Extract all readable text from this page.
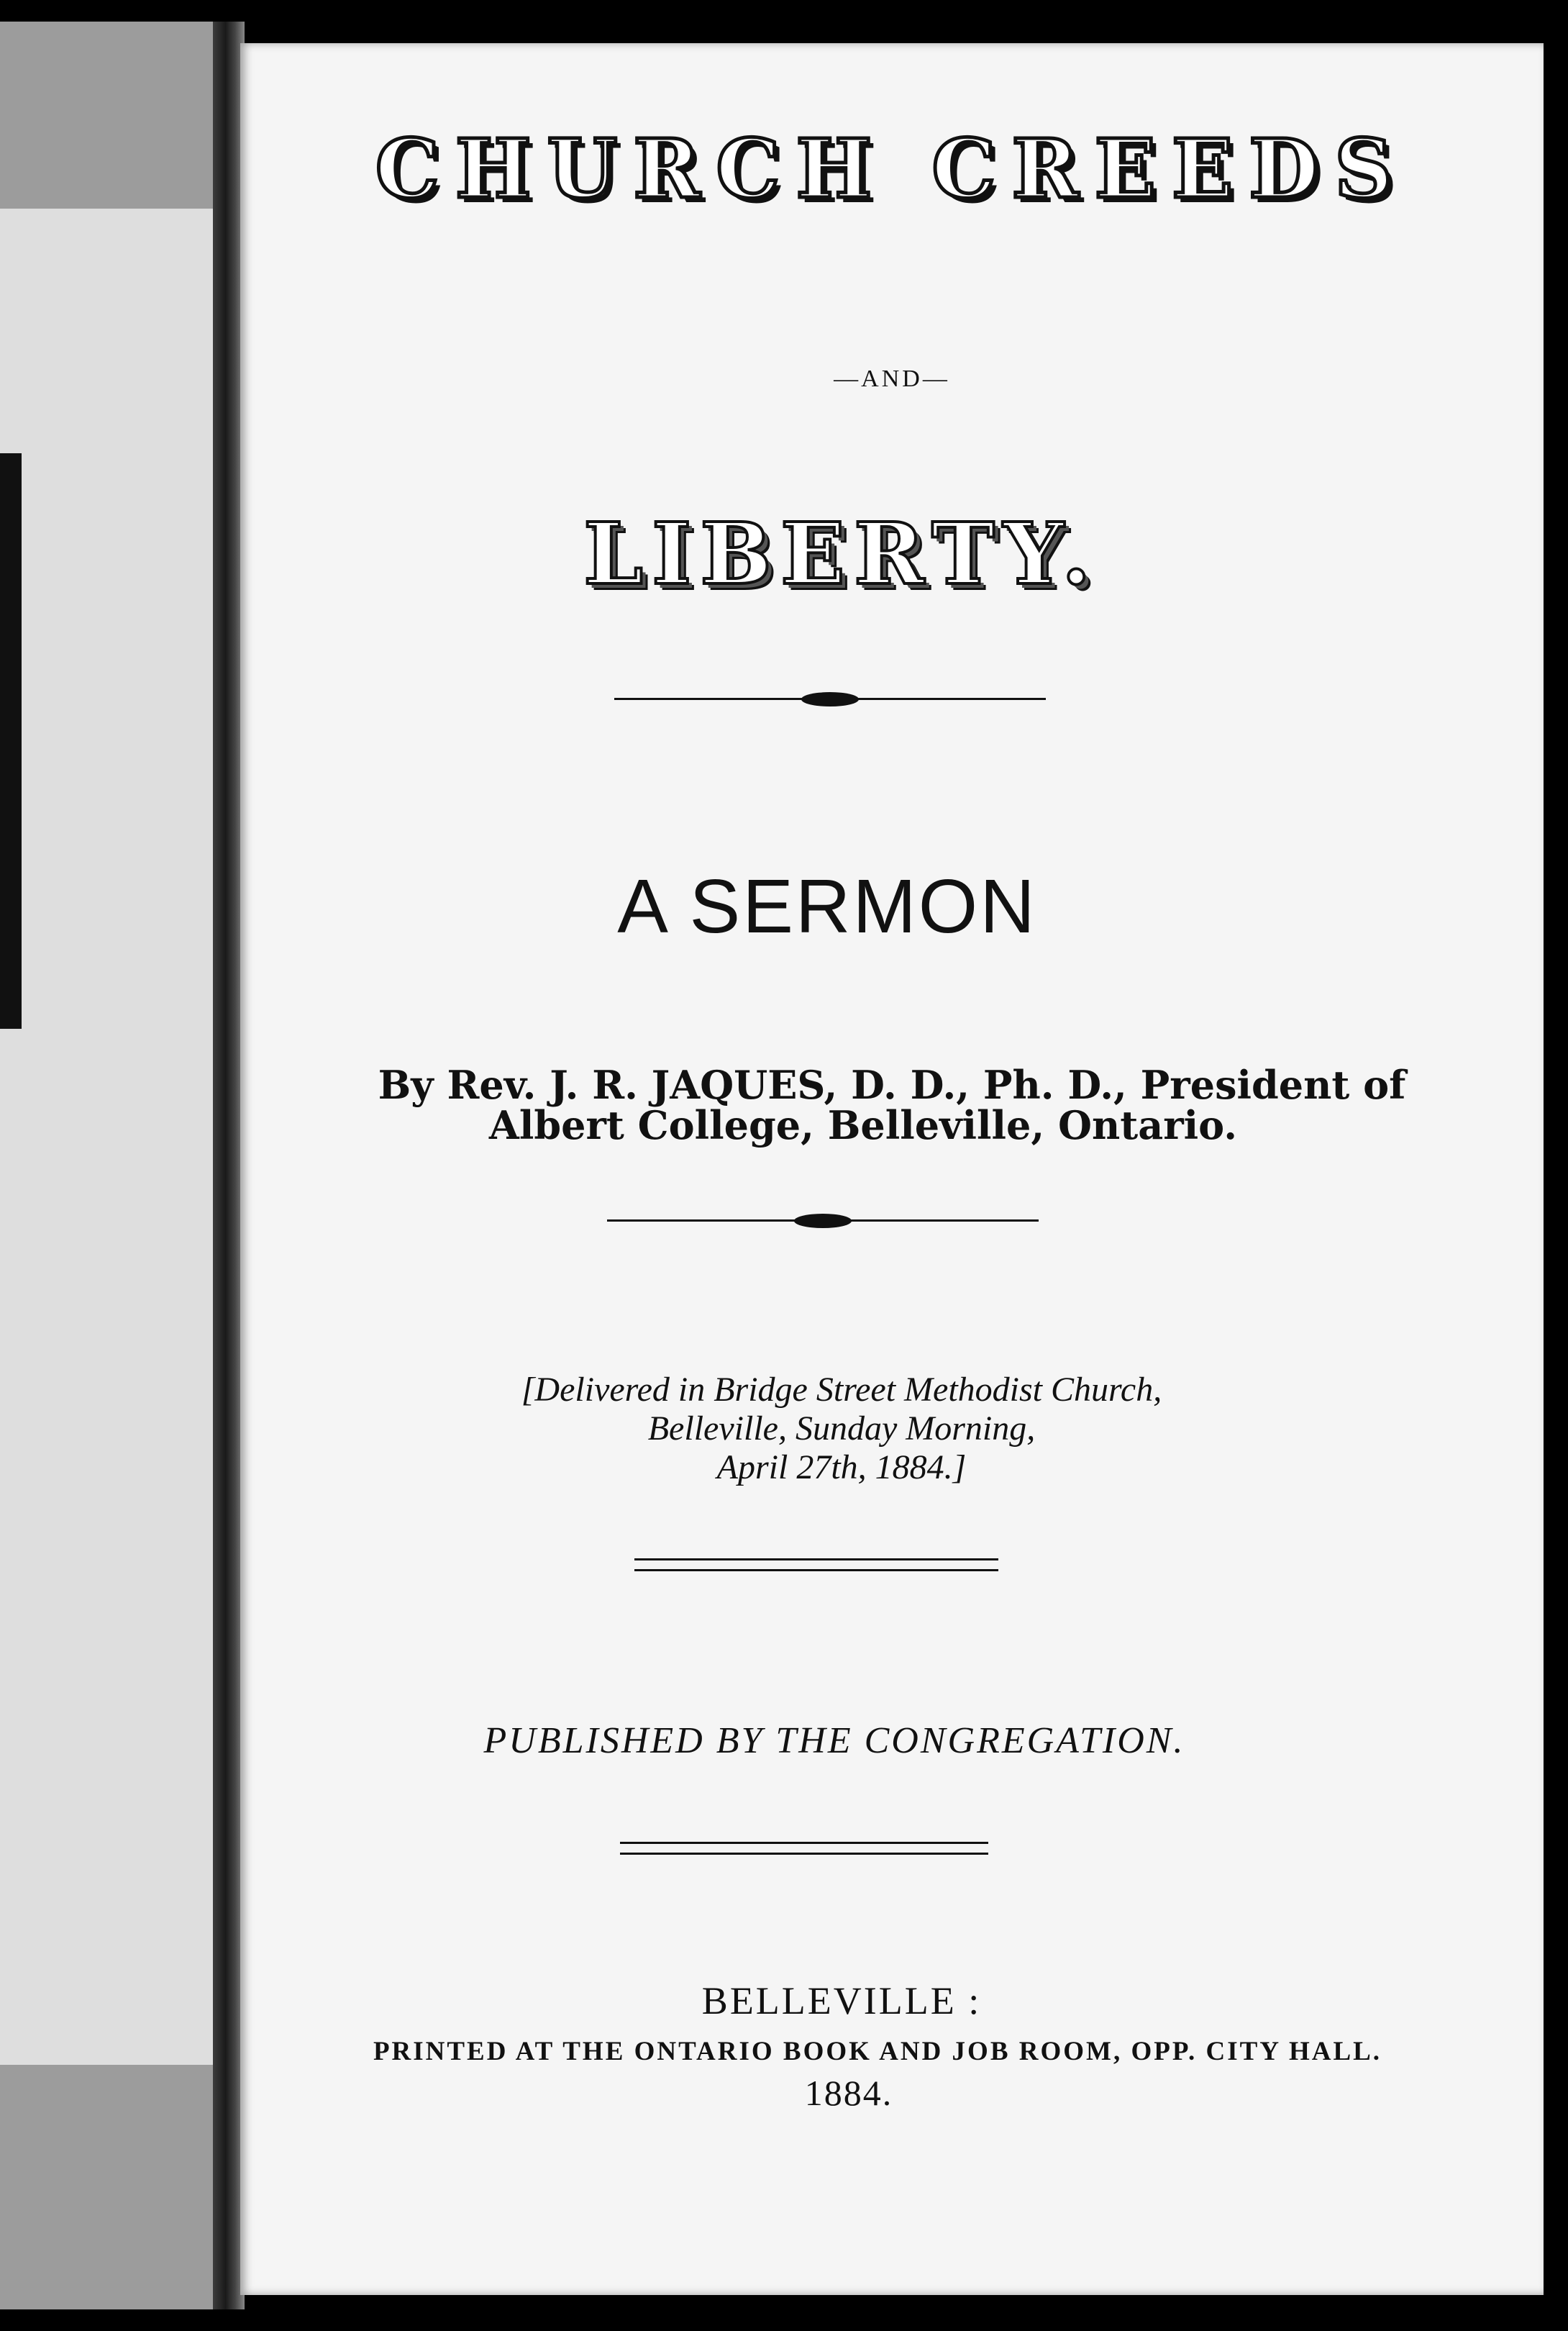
CHURCH CREEDS

—AND—

LIBERTY.

A SERMON

By Rev. J. R. JAQUES, D. D., Ph. D., President of
Albert College, Belleville, Ontario.
[Delivered in Bridge Street Methodist Church,
Belleville, Sunday Morning,
April 27th, 1884.]

PUBLISHED BY THE CONGREGATION.

BELLEVILLE :

PRINTED AT THE ONTARIO BOOK AND JOB ROOM, OPP. CITY HALL.

1884.
